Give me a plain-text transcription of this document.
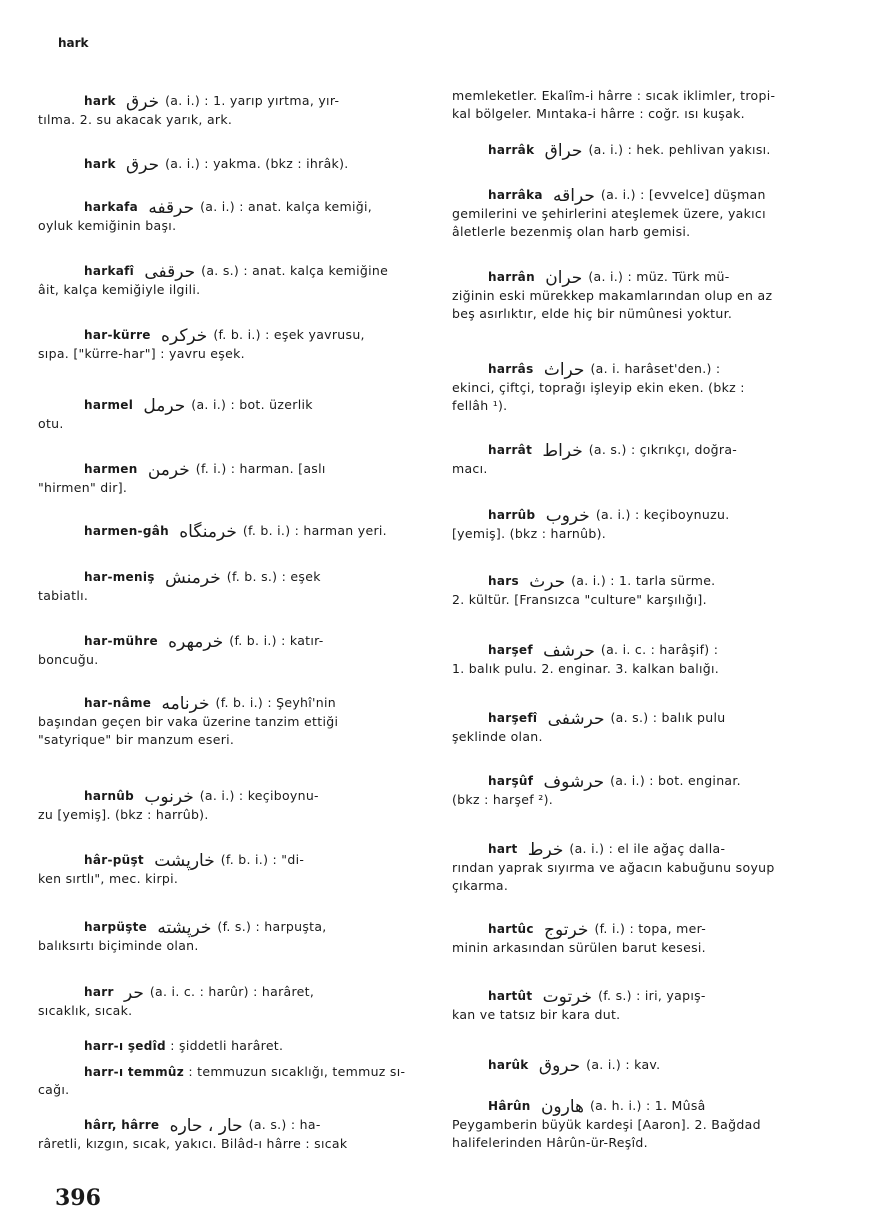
hark
hark خرق (a. i.) : 1. yarıp yırtma, yır-
tılma. 2. su akacak yarık, ark.
hark حرق (a. i.) : yakma. (bkz : ihrâk).
harkafa حرقفه (a. i.) : anat. kalça kemiği,
oyluk kemiğinin başı.
harkafî حرقفى (a. s.) : anat. kalça kemiğine
âit, kalça kemiğiyle ilgili.
har-kürre خركره (f. b. i.) : eşek yavrusu,
sıpa. ["kürre-har"] : yavru eşek.
harmel حرمل (a. i.) : bot. üzerlik
otu.
harmen خرمن (f. i.) : harman. [aslı
"hirmen" dir].
harmen-gâh خرمنگاه (f. b. i.) : harman yeri.
har-meniş خرمنش (f. b. s.) : eşek
tabiatlı.
har-mühre خرمهره (f. b. i.) : katır-
boncuğu.
har-nâme خرنامه (f. b. i.) : Şeyhî'nin
başından geçen bir vaka üzerine tanzim ettiği
"satyrique" bir manzum eseri.
harnûb خرنوب (a. i.) : keçiboynu-
zu [yemiş]. (bkz : harrûb).
hâr-püşt خارپشت (f. b. i.) : "di-
ken sırtlı", mec. kirpi.
harpüşte خرپشته (f. s.) : harpuşta,
balıksırtı biçiminde olan.
harr حر (a. i. c. : harûr) : harâret,
sıcaklık, sıcak.
harr-ı şedîd : şiddetli harâret.
harr-ı temmûz : temmuzun sıcaklığı, temmuz sı-
cağı.
hârr, hârre حار ، حاره (a. s.) : ha-
râretli, kızgın, sıcak, yakıcı. Bilâd-ı hârre : sıcak
memleketler. Ekalîm-i hârre : sıcak iklimler, tropi-
kal bölgeler. Mıntaka-i hârre : coğr. ısı kuşak.
harrâk حراق (a. i.) : hek. pehlivan yakısı.
harrâka حراقه (a. i.) : [evvelce] düşman
gemilerini ve şehirlerini ateşlemek üzere, yakıcı
âletlerle bezenmiş olan harb gemisi.
harrân حران (a. i.) : müz. Türk mü-
ziğinin eski mürekkep makamlarından olup en az
beş asırlıktır, elde hiç bir nümûnesi yoktur.
harrâs حراث (a. i. harâset'den.) :
ekinci, çiftçi, toprağı işleyip ekin eken. (bkz :
fellâh ¹).
harrât خراط (a. s.) : çıkrıkçı, doğra-
macı.
harrûb خروب (a. i.) : keçiboynuzu.
[yemiş]. (bkz : harnûb).
hars حرث (a. i.) : 1. tarla sürme.
2. kültür. [Fransızca "culture" karşılığı].
harşef حرشف (a. i. c. : harâşif) :
1. balık pulu. 2. enginar. 3. kalkan balığı.
harşefî حرشفى (a. s.) : balık pulu
şeklinde olan.
harşûf حرشوف (a. i.) : bot. enginar.
(bkz : harşef ²).
hart خرط (a. i.) : el ile ağaç dalla-
rından yaprak sıyırma ve ağacın kabuğunu soyup
çıkarma.
hartûc خرتوج (f. i.) : topa, mer-
minin arkasından sürülen barut kesesi.
hartût خرتوت (f. s.) : iri, yapış-
kan ve tatsız bir kara dut.
harûk حروق (a. i.) : kav.
Hârûn هارون (a. h. i.) : 1. Mûsâ
Peygamberin büyük kardeşi [Aaron]. 2. Bağdad
halifelerinden Hârûn-ür-Reşîd.
396
